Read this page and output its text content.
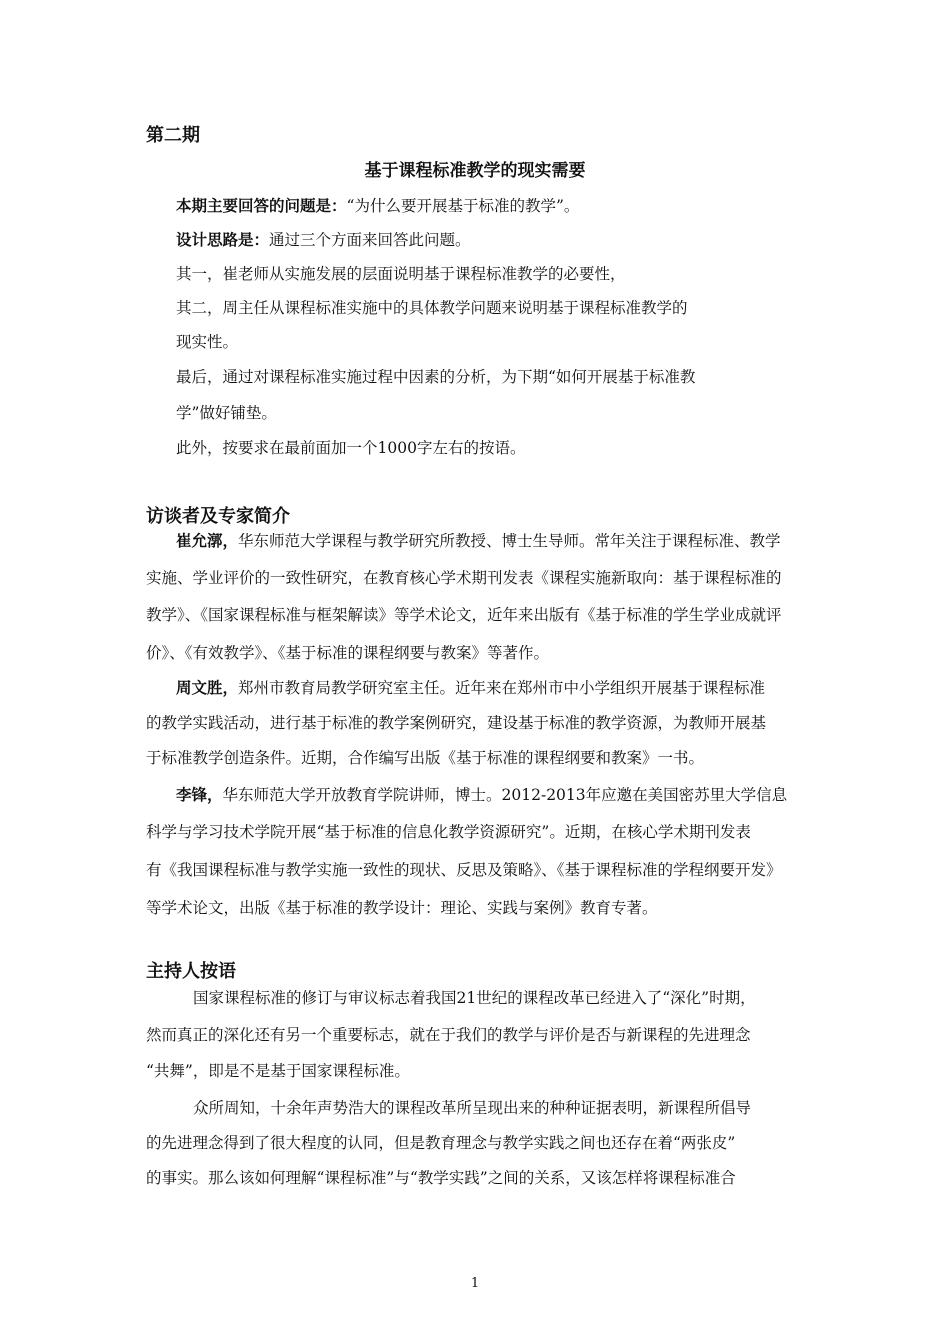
第二期
基于课程标准教学的现实需要
本期主要回答的问题是：“为什么要开展基于标准的教学”。
设计思路是：通过三个方面来回答此问题。
其一，崔老师从实施发展的层面说明基于课程标准教学的必要性，
其二，周主任从课程标准实施中的具体教学问题来说明基于课程标准教学的
现实性。
最后，通过对课程标准实施过程中因素的分析，为下期“如何开展基于标准教
学”做好铺垫。
此外，按要求在最前面加一个1000字左右的按语。
访谈者及专家简介
崔允漷，华东师范大学课程与教学研究所教授、博士生导师。常年关注于课程标准、教学
实施、学业评价的一致性研究，在教育核心学术期刊发表《课程实施新取向：基于课程标准的
教学》、《国家课程标准与框架解读》等学术论文，近年来出版有《基于标准的学生学业成就评
价》、《有效教学》、《基于标准的课程纲要与教案》等著作。
周文胜，郑州市教育局教学研究室主任。近年来在郑州市中小学组织开展基于课程标准
的教学实践活动，进行基于标准的教学案例研究，建设基于标准的教学资源，为教师开展基
于标准教学创造条件。近期，合作编写出版《基于标准的课程纲要和教案》一书。
李锋，华东师范大学开放教育学院讲师，博士。2012-2013年应邀在美国密苏里大学信息
科学与学习技术学院开展“基于标准的信息化教学资源研究”。近期，在核心学术期刊发表
有《我国课程标准与教学实施一致性的现状、反思及策略》、《基于课程标准的学程纲要开发》
等学术论文，出版《基于标准的教学设计：理论、实践与案例》教育专著。
主持人按语
国家课程标准的修订与审议标志着我国21世纪的课程改革已经进入了“深化”时期，
然而真正的深化还有另一个重要标志，就在于我们的教学与评价是否与新课程的先进理念
“共舞”，即是不是基于国家课程标准。
众所周知，十余年声势浩大的课程改革所呈现出来的种种证据表明，新课程所倡导
的先进理念得到了很大程度的认同，但是教育理念与教学实践之间也还存在着“两张皮”
的事实。那么该如何理解“课程标准”与“教学实践”之间的关系，又该怎样将课程标准合
1
